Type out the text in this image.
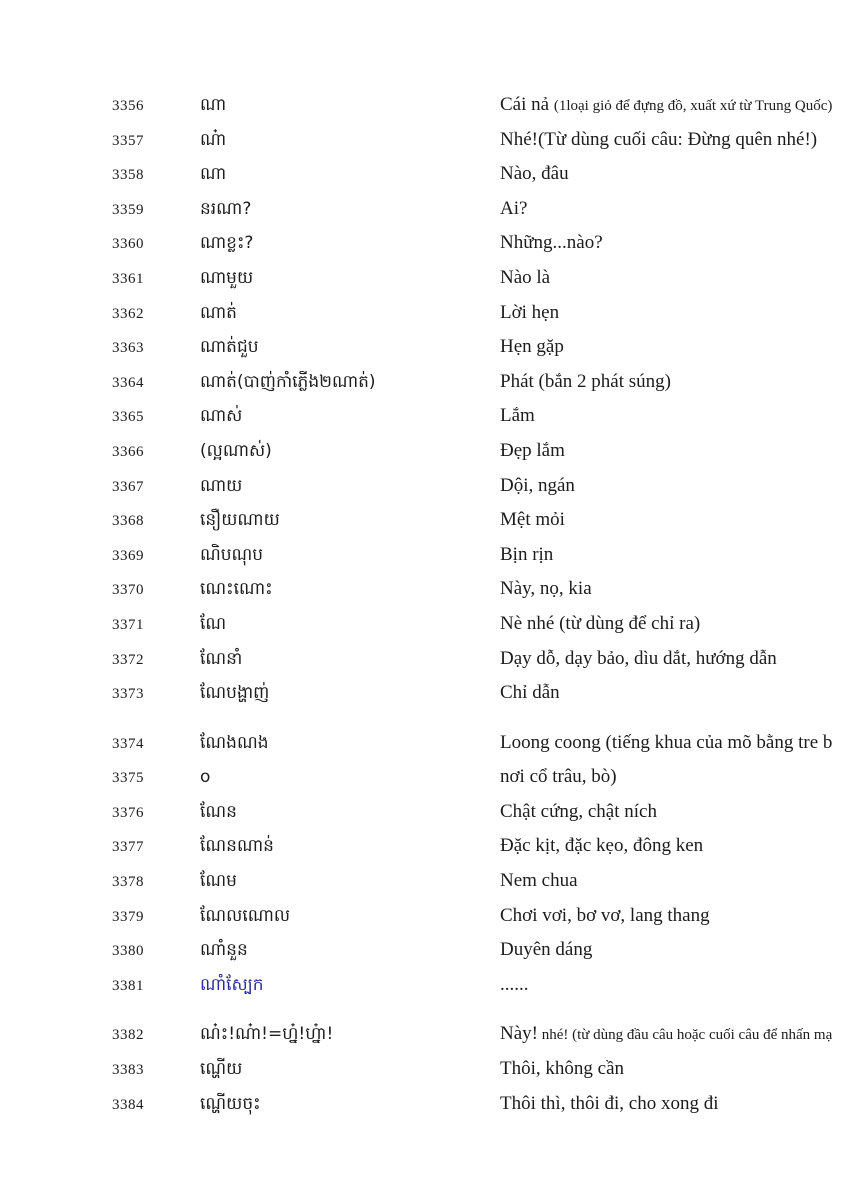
3356	ណា	Cái nả (1loại giỏ để đựng đồ, xuất xứ từ Trung Quốc)
3357	ណ៎ា	Nhé!(Từ dùng cuối câu: Đừng quên nhé!)
3358	ណា	Nào, đâu
3359	នរណា?	Ai?
3360	ណាខ្លះ?	Những...nào?
3361	ណាមួយ	Nào là
3362	ណាត់	Lời hẹn
3363	ណាត់ជួប	Hẹn gặp
3364	ណាត់(បាញ់កាំភ្លើង២ណាត់)	Phát (bắn 2 phát súng)
3365	ណាស់	Lắm
3366	(ល្អណាស់)	Đẹp lắm
3367	ណាយ	Dội, ngán
3368	នឿយណាយ	Mệt mỏi
3369	ណិបណុប	Bịn rịn
3370	ណេះណោះ	Này, nọ, kia
3371	ណែ	Nè nhé (từ dùng để chỉ ra)
3372	ណែនាំ	Dạy dỗ, dạy bảo, dìu dắt, hướng dẫn
3373	ណែបង្ហាញ់	Chỉ dẫn
3374	ណែងណង	Loong coong (tiếng khua của mõ bằng tre b
3375	o	nơi cổ trâu, bò)
3376	ណែន	Chật cứng, chật ních
3377	ណែនណាន់	Đặc kịt, đặc kẹo, đông ken
3378	ណែម	Nem chua
3379	ណែលណោល	Chơi vơi, bơ vơ, lang thang
3380	ណាំនួន	Duyên dáng
3381	ណាំស្បែក	......
3382	ណ៎ះ!ណ៎ា!=ហ្ន៎!ហ្ន៎ា!	Này! nhé! (từ dùng đầu câu hoặc cuối câu để nhấn mạ
3383	ណ្ហើយ	Thôi, không cần
3384	ណ្ហើយចុះ	Thôi thì, thôi đi, cho xong đi
